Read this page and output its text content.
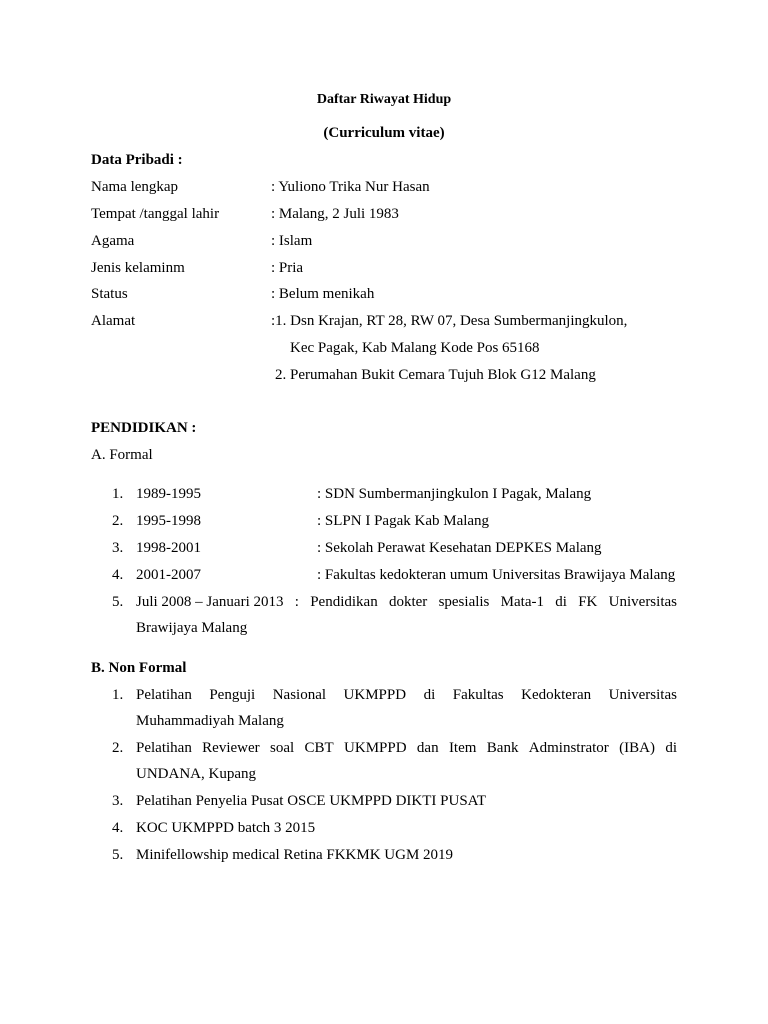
Daftar Riwayat Hidup
(Curriculum vitae)
Data Pribadi :
Nama lengkap	: Yuliono Trika Nur Hasan
Tempat /tanggal lahir	: Malang, 2 Juli 1983
Agama	: Islam
Jenis kelaminm	: Pria
Status	: Belum menikah
Alamat	:1. Dsn Krajan, RT 28, RW 07, Desa Sumbermanjingkulon,
Kec Pagak, Kab Malang Kode Pos 65168
2. Perumahan Bukit Cemara Tujuh Blok G12 Malang
PENDIDIKAN :
A. Formal
1. 1989-1995	: SDN Sumbermanjingkulon I Pagak, Malang
2. 1995-1998	: SLPN I Pagak Kab Malang
3. 1998-2001	: Sekolah Perawat Kesehatan DEPKES Malang
4. 2001-2007	: Fakultas kedokteran umum Universitas Brawijaya Malang
5. Juli 2008 – Januari 2013 : Pendidikan dokter spesialis Mata-1 di FK Universitas
Brawijaya Malang
B. Non Formal
1. Pelatihan Penguji Nasional UKMPPD di Fakultas Kedokteran Universitas
Muhammadiyah Malang
2. Pelatihan Reviewer soal CBT UKMPPD dan Item Bank Adminstrator (IBA) di
UNDANA, Kupang
3. Pelatihan Penyelia Pusat OSCE UKMPPD DIKTI PUSAT
4. KOC UKMPPD batch 3 2015
5. Minifellowship medical Retina FKKMK UGM 2019
